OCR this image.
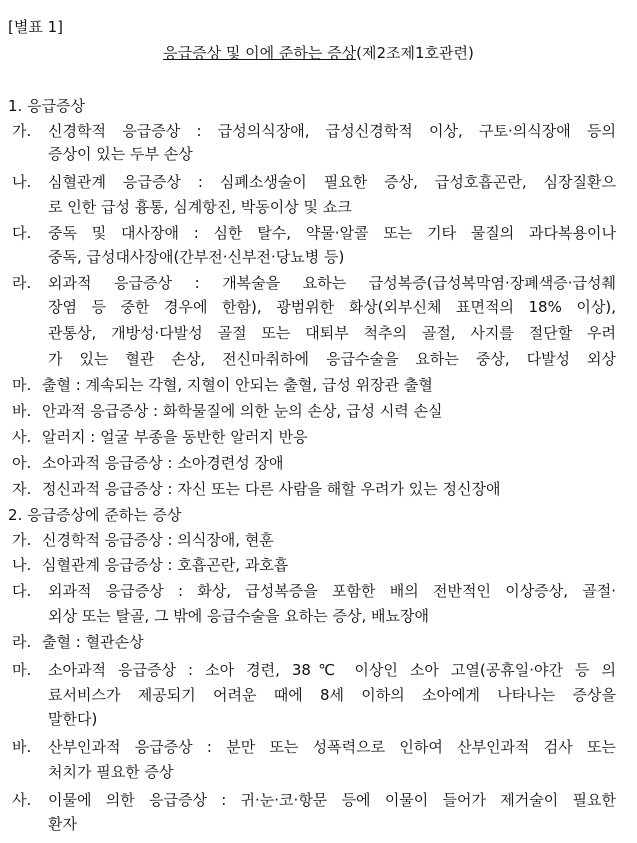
[별표 1]
응급증상 및 이에 준하는 증상(제2조제1호관련)
1. 응급증상
가. 신경학적 응급증상 : 급성의식장애, 급성신경학적 이상, 구토·의식장애 등의
증상이 있는 두부 손상
나. 심혈관계 응급증상 : 심폐소생술이 필요한 증상, 급성호흡곤란, 심장질환으
로 인한 급성 흉통, 심계항진, 박동이상 및 쇼크
다. 중독 및 대사장애 : 심한 탈수, 약물·알콜 또는 기타 물질의 과다복용이나
중독, 급성대사장애(간부전·신부전·당뇨병 등)
라. 외과적 응급증상 : 개복술을 요하는 급성복증(급성복막염·장폐색증·급성췌
장염 등 중한 경우에 한함), 광범위한 화상(외부신체 표면적의 18% 이상),
관통상, 개방성·다발성 골절 또는 대퇴부 척추의 골절, 사지를 절단할 우려
가 있는 혈관 손상, 전신마취하에 응급수술을 요하는 중상, 다발성 외상
마. 출혈 : 계속되는 각혈, 지혈이 안되는 출혈, 급성 위장관 출혈
바. 안과적 응급증상 : 화학물질에 의한 눈의 손상, 급성 시력 손실
사. 알러지 : 얼굴 부종을 동반한 알러지 반응
아. 소아과적 응급증상 : 소아경련성 장애
자. 정신과적 응급증상 : 자신 또는 다른 사람을 해할 우려가 있는 정신장애
2. 응급증상에 준하는 증상
가. 신경학적 응급증상 : 의식장애, 현훈
나. 심혈관계 응급증상 : 호흡곤란, 과호흡
다. 외과적 응급증상 : 화상, 급성복증을 포함한 배의 전반적인 이상증상, 골절·
외상 또는 탈골, 그 밖에 응급수술을 요하는 증상, 배뇨장애
라. 출혈 : 혈관손상
마. 소아과적 응급증상 : 소아 경련, 38℃ 이상인 소아 고열(공휴일·야간 등 의
료서비스가 제공되기 어려운 때에 8세 이하의 소아에게 나타나는 증상을
말한다)
바. 산부인과적 응급증상 : 분만 또는 성폭력으로 인하여 산부인과적 검사 또는
처치가 필요한 증상
사. 이물에 의한 응급증상 : 귀·눈·코·항문 등에 이물이 들어가 제거술이 필요한
환자
